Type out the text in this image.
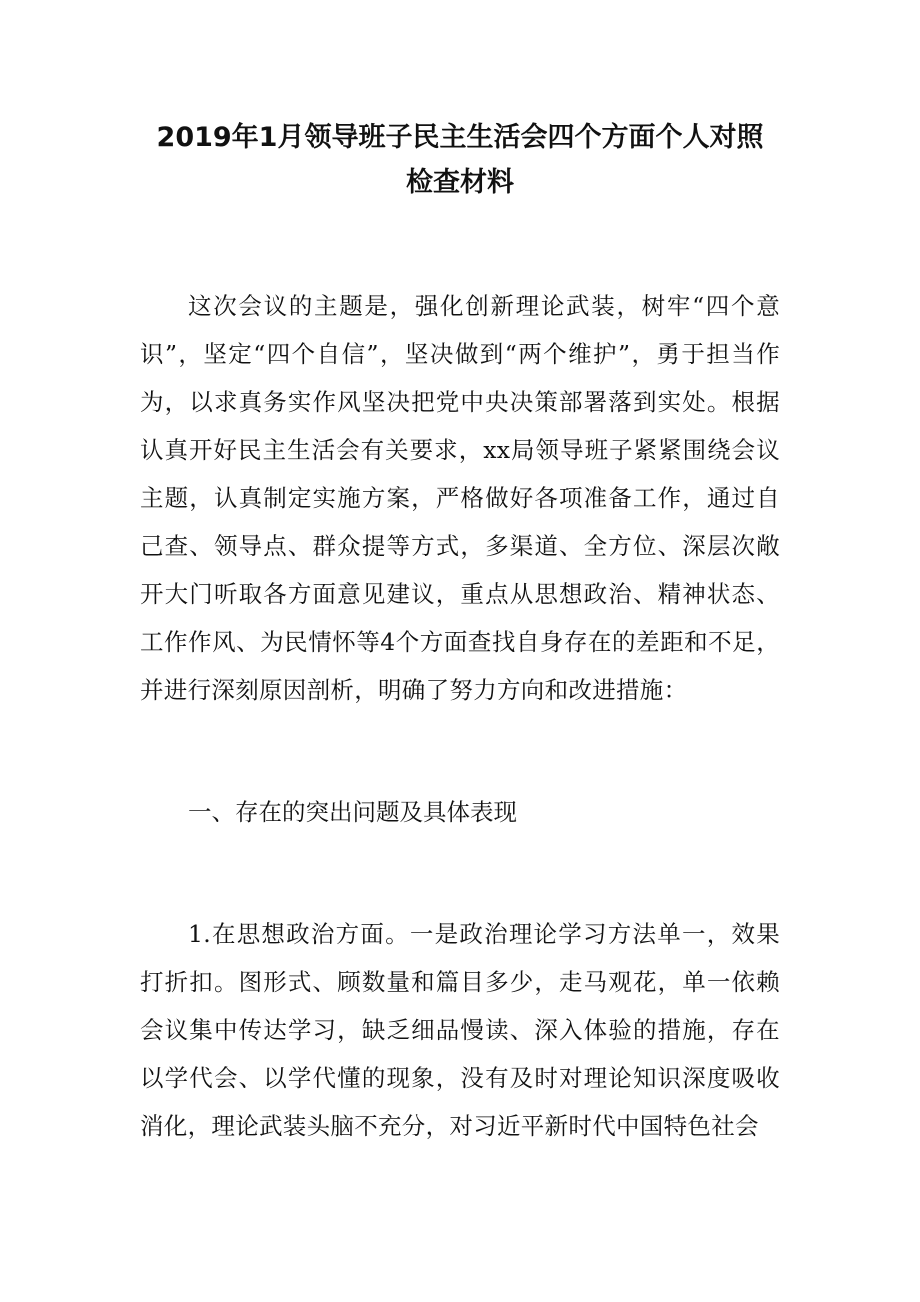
2019年1月领导班子民主生活会四个方面个人对照
检查材料

这次会议的主题是，强化创新理论武装，树牢“四个意识”，坚定“四个自信”，坚决做到“两个维护”，勇于担当作为，以求真务实作风坚决把党中央决策部署落到实处。根据认真开好民主生活会有关要求，xx局领导班子紧紧围绕会议主题，认真制定实施方案，严格做好各项准备工作，通过自己查、领导点、群众提等方式，多渠道、全方位、深层次敞开大门听取各方面意见建议，重点从思想政治、精神状态、工作作风、为民情怀等4个方面查找自身存在的差距和不足，并进行深刻原因剖析，明确了努力方向和改进措施：

一、存在的突出问题及具体表现

1.在思想政治方面。一是政治理论学习方法单一，效果打折扣。图形式、顾数量和篇目多少，走马观花，单一依赖会议集中传达学习，缺乏细品慢读、深入体验的措施，存在以学代会、以学代懂的现象，没有及时对理论知识深度吸收消化，理论武装头脑不充分，对习近平新时代中国特色社会
